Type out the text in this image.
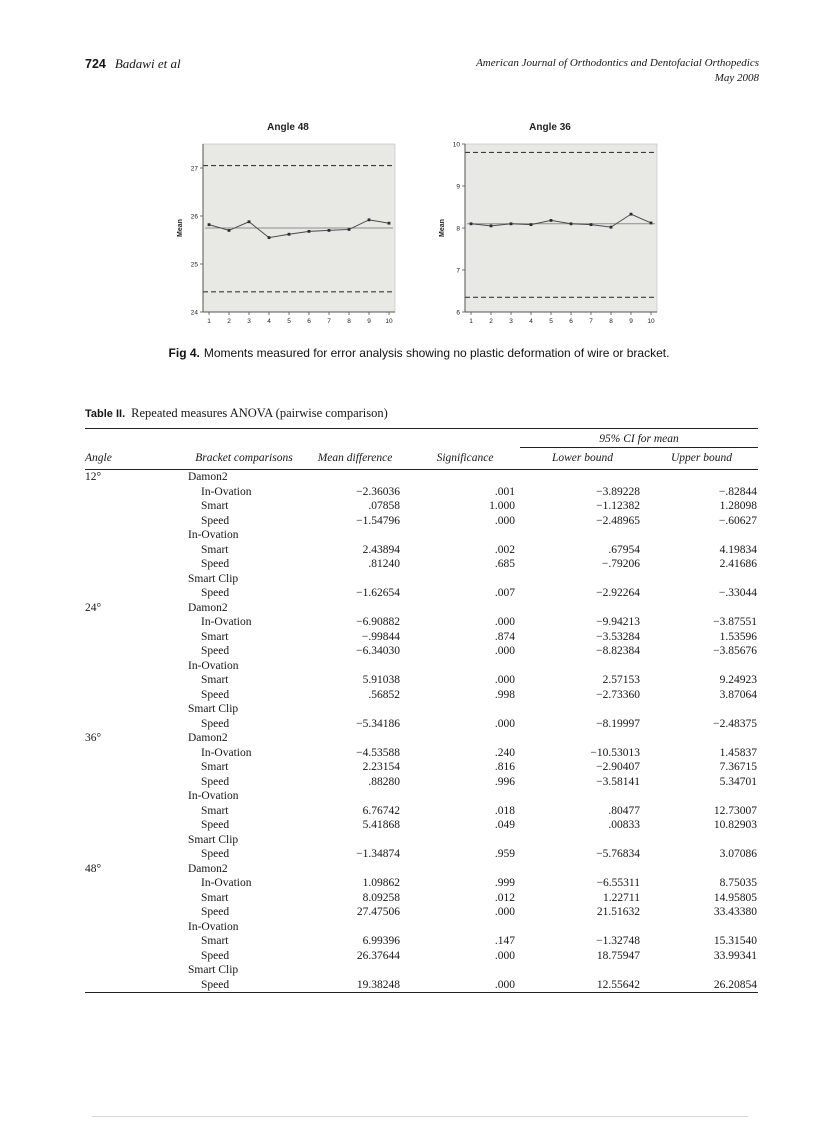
724 Badawi et al	American Journal of Orthodontics and Dentofacial Orthopedics
May 2008
Angle 48
24
25
26
27
1	2	3	4	5	6	7	8	9 10
Mean
Angle 36
6
7
8
9
10
1	2	3	4	5	6	7	8	9 10
Mean

Fig 4. Moments measured for error analysis showing no plastic deformation of wire or bracket.

Table II. Repeated measures ANOVA (pairwise comparison)

				95% CI for mean	
Angle	Bracket comparisons	Mean difference	Significance	Lower bound	Upper bound
12°	Damon2				
	In-Ovation	−2.36036	.001	−3.89228	−.82844
	Smart	.07858	1.000	−1.12382	1.28098
	Speed	−1.54796	.000	−2.48965	−.60627
	In-Ovation				
	Smart	2.43894	.002	.67954	4.19834
	Speed	.81240	.685	−.79206	2.41686
	Smart Clip				
	Speed	−1.62654	.007	−2.92264	−.33044
24°	Damon2				
	In-Ovation	−6.90882	.000	−9.94213	−3.87551
	Smart	−.99844	.874	−3.53284	1.53596
	Speed	−6.34030	.000	−8.82384	−3.85676
	In-Ovation				
	Smart	5.91038	.000	2.57153	9.24923
	Speed	.56852	.998	−2.73360	3.87064
	Smart Clip				
	Speed	−5.34186	.000	−8.19997	−2.48375
36°	Damon2				
	In-Ovation	−4.53588	.240	−10.53013	1.45837
	Smart	2.23154	.816	−2.90407	7.36715
	Speed	.88280	.996	−3.58141	5.34701
	In-Ovation				
	Smart	6.76742	.018	.80477	12.73007
	Speed	5.41868	.049	.00833	10.82903
	Smart Clip				
	Speed	−1.34874	.959	−5.76834	3.07086
48°	Damon2				
	In-Ovation	1.09862	.999	−6.55311	8.75035
	Smart	8.09258	.012	1.22711	14.95805
	Speed	27.47506	.000	21.51632	33.43380
	In-Ovation				
	Smart	6.99396	.147	−1.32748	15.31540
	Speed	26.37644	.000	18.75947	33.99341
	Smart Clip				
	Speed	19.38248	.000	12.55642	26.20854
